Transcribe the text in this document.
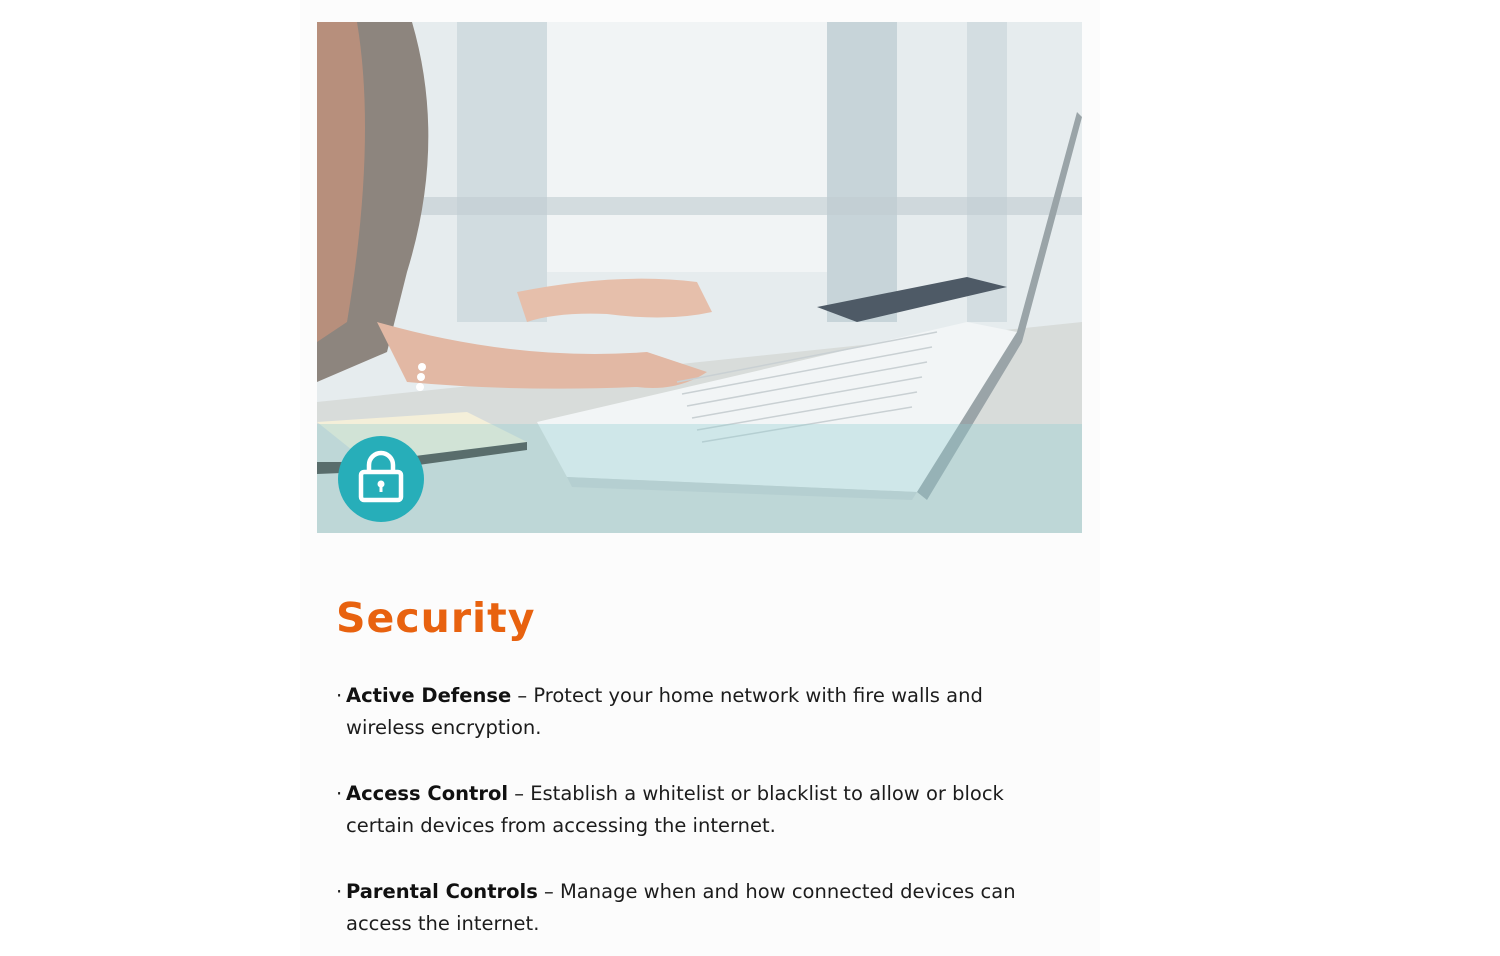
Security
· Active Defense – Protect your home network with fire walls and wireless encryption.
· Access Control – Establish a whitelist or blacklist to allow or block certain devices from accessing the internet.
· Parental Controls – Manage when and how connected devices can access the internet.
